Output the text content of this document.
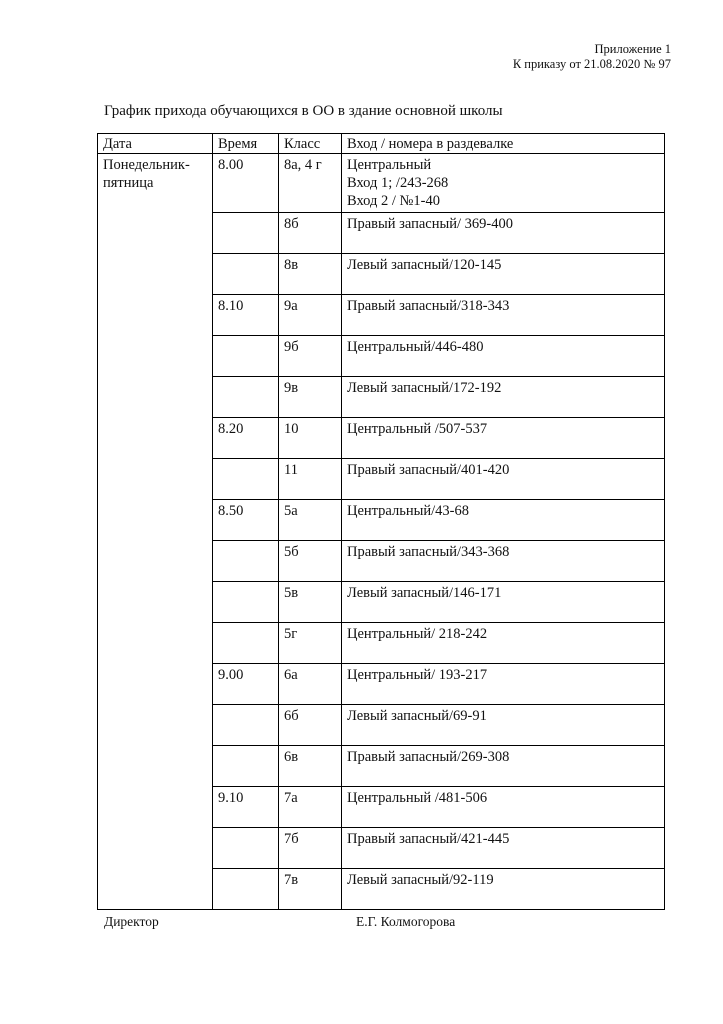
Приложение 1
К приказу от 21.08.2020 № 97
График прихода обучающихся в ОО в здание основной школы
Дата	Время	Класс	Вход / номера в раздевалке

Понедельник-
пятница	8.00	8а, 4 г	Центральный
Вход 1; /243-268
Вход 2 / №1-40

		8б	Правый запасный/ 369-400

		8в	Левый запасный/120-145

	8.10	9а	Правый запасный/318-343

		9б	Центральный/446-480

		9в	Левый запасный/172-192

	8.20	10	Центральный /507-537

		11	Правый запасный/401-420

	8.50	5а	Центральный/43-68

		5б	Правый запасный/343-368

		5в	Левый запасный/146-171

		5г	Центральный/ 218-242

	9.00	6а	Центральный/ 193-217

		6б	Левый запасный/69-91

		6в	Правый запасный/269-308

	9.10	7а	Центральный /481-506

		7б	Правый запасный/421-445

		7в	Левый запасный/92-119
Директор	Е.Г. Колмогорова
